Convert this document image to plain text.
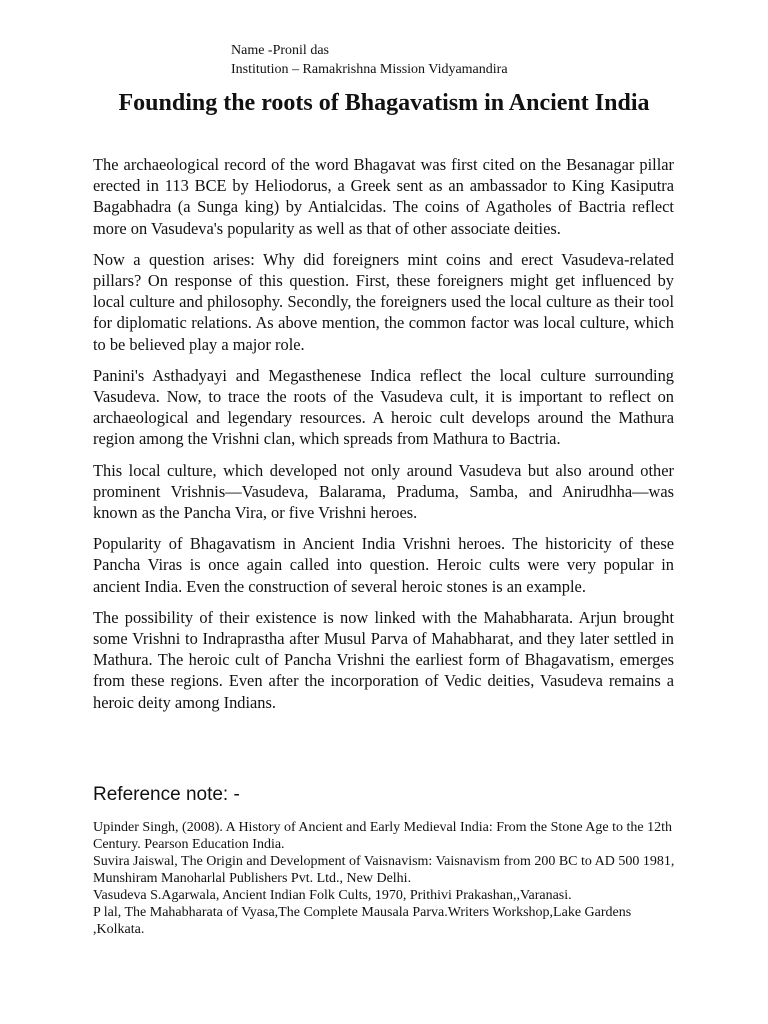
Name -Pronil das
Institution – Ramakrishna Mission Vidyamandira
Founding the roots of Bhagavatism in Ancient India

The archaeological record of the word Bhagavat was first cited on the Besanagar pillar erected in 113 BCE by Heliodorus, a Greek sent as an ambassador to King Kasiputra Bagabhadra (a Sunga king) by Antialcidas. The coins of Agatholes of Bactria reflect more on Vasudeva's popularity as well as that of other associate deities.

Now a question arises: Why did foreigners mint coins and erect Vasudeva-related pillars? On response of this question. First, these foreigners might get influenced by local culture and philosophy. Secondly, the foreigners used the local culture as their tool for diplomatic relations. As above mention, the common factor was local culture, which to be believed play a major role.

Panini's Asthadyayi and Megasthenese Indica reflect the local culture surrounding Vasudeva. Now, to trace the roots of the Vasudeva cult, it is important to reflect on archaeological and legendary resources. A heroic cult develops around the Mathura region among the Vrishni clan, which spreads from Mathura to Bactria.

This local culture, which developed not only around Vasudeva but also around other prominent Vrishnis—Vasudeva, Balarama, Praduma, Samba, and Anirudhha—was known as the Pancha Vira, or five Vrishni heroes.

Popularity of Bhagavatism in Ancient India Vrishni heroes. The historicity of these Pancha Viras is once again called into question. Heroic cults were very popular in ancient India. Even the construction of several heroic stones is an example.

The possibility of their existence is now linked with the Mahabharata. Arjun brought some Vrishni to Indraprastha after Musul Parva of Mahabharat, and they later settled in Mathura. The heroic cult of Pancha Vrishni the earliest form of Bhagavatism, emerges from these regions. Even after the incorporation of Vedic deities, Vasudeva remains a heroic deity among Indians.

Reference note: -
Upinder Singh, (2008). A History of Ancient and Early Medieval India: From the Stone Age to the 12th Century. Pearson Education India.
Suvira Jaiswal, The Origin and Development of Vaisnavism: Vaisnavism from 200 BC to AD 500 1981, Munshiram Manoharlal Publishers Pvt. Ltd., New Delhi.
Vasudeva S.Agarwala, Ancient Indian Folk Cults, 1970, Prithivi Prakashan,,Varanasi.
P lal, The Mahabharata of Vyasa,The Complete Mausala Parva.Writers Workshop,Lake Gardens ,Kolkata.
